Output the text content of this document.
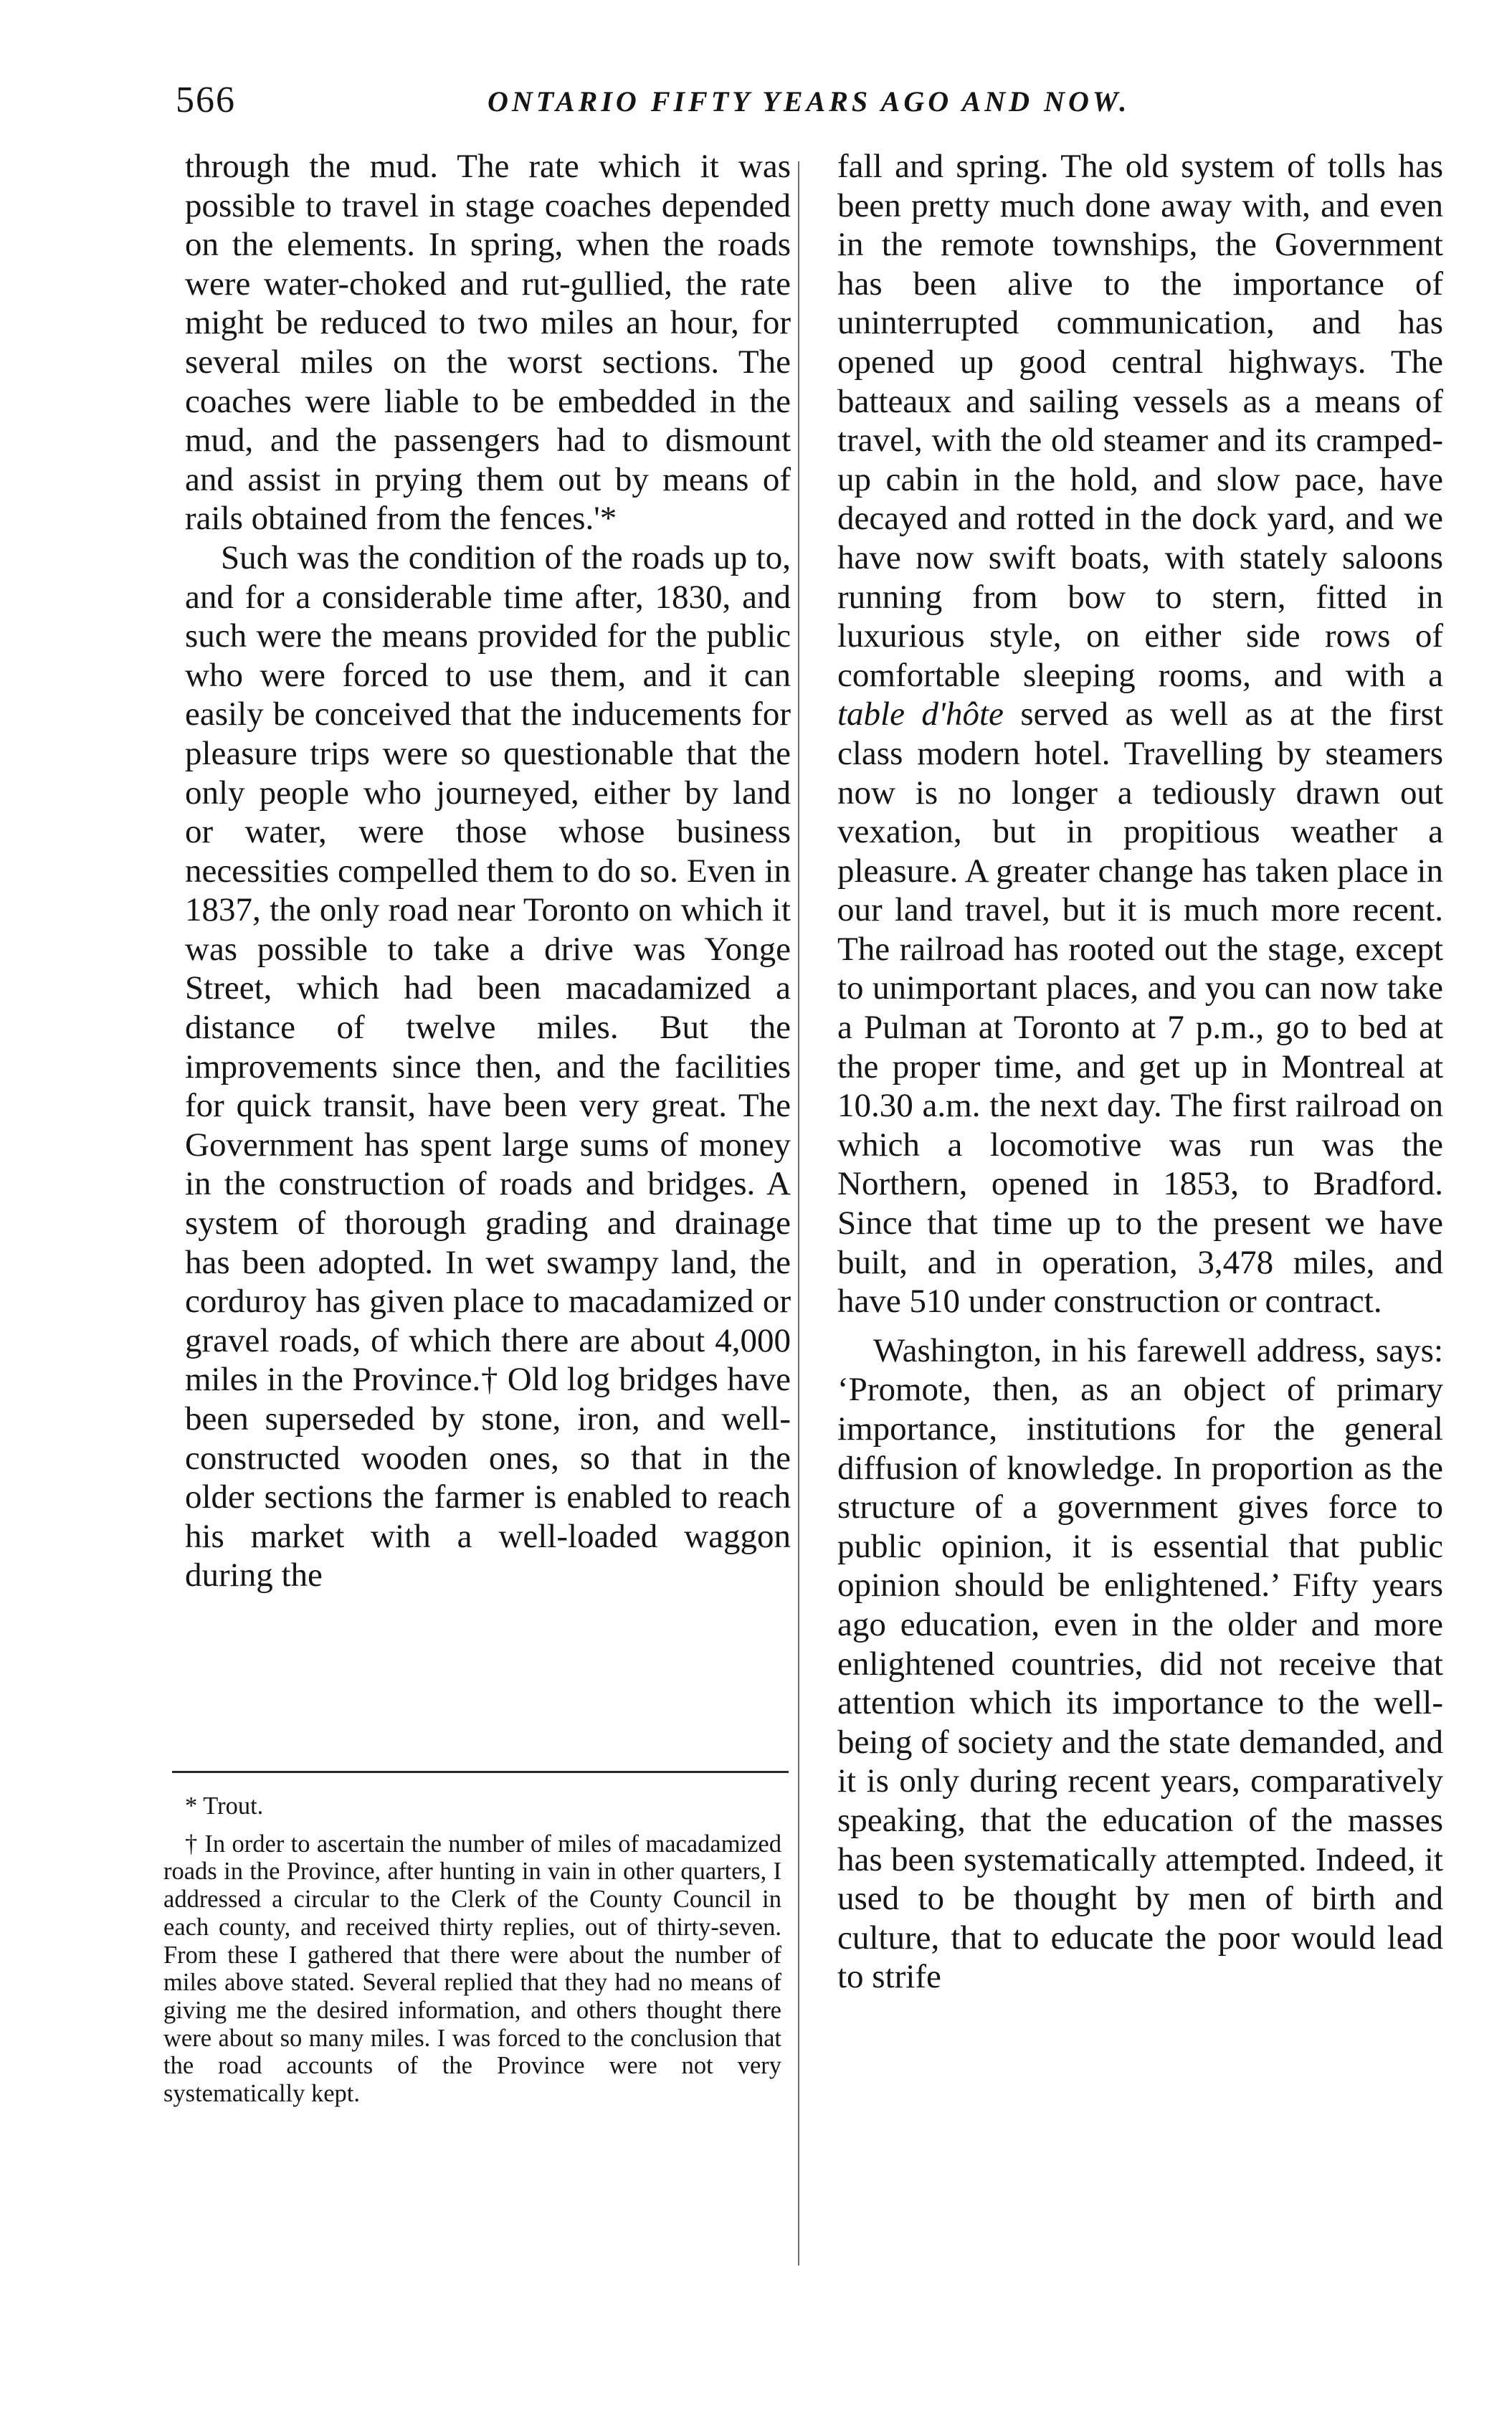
566	ONTARIO FIFTY YEARS AGO AND NOW.

through the mud. The rate which it was possible to travel in stage coaches depended on the elements. In spring, when the roads were water-choked and rut-gullied, the rate might be reduced to two miles an hour, for several miles on the worst sections. The coaches were liable to be embedded in the mud, and the passengers had to dismount and assist in prying them out by means of rails obtained from the fences.'*

Such was the condition of the roads up to, and for a considerable time after, 1830, and such were the means provided for the public who were forced to use them, and it can easily be conceived that the inducements for pleasure trips were so questionable that the only people who journeyed, either by land or water, were those whose business necessities compelled them to do so. Even in 1837, the only road near Toronto on which it was possible to take a drive was Yonge Street, which had been macadamized a distance of twelve miles. But the improvements since then, and the facilities for quick transit, have been very great. The Government has spent large sums of money in the construction of roads and bridges. A system of thorough grading and drainage has been adopted. In wet swampy land, the corduroy has given place to macadamized or gravel roads, of which there are about 4,000 miles in the Province.† Old log bridges have been superseded by stone, iron, and well-constructed wooden ones, so that in the older sections the farmer is enabled to reach his market with a well-loaded waggon during the

fall and spring. The old system of tolls has been pretty much done away with, and even in the remote townships, the Government has been alive to the importance of uninterrupted communication, and has opened up good central highways. The batteaux and sailing vessels as a means of travel, with the old steamer and its cramped-up cabin in the hold, and slow pace, have decayed and rotted in the dock yard, and we have now swift boats, with stately saloons running from bow to stern, fitted in luxurious style, on either side rows of comfortable sleeping rooms, and with a table d'hôte served as well as at the first class modern hotel. Travelling by steamers now is no longer a tediously drawn out vexation, but in propitious weather a pleasure. A greater change has taken place in our land travel, but it is much more recent. The railroad has rooted out the stage, except to unimportant places, and you can now take a Pulman at Toronto at 7 p.m., go to bed at the proper time, and get up in Montreal at 10.30 a.m. the next day. The first railroad on which a locomotive was run was the Northern, opened in 1853, to Bradford. Since that time up to the present we have built, and in operation, 3,478 miles, and have 510 under construction or contract.

Washington, in his farewell address, says: ‘Promote, then, as an object of primary importance, institutions for the general diffusion of knowledge. In proportion as the structure of a government gives force to public opinion, it is essential that public opinion should be enlightened.’ Fifty years ago education, even in the older and more enlightened countries, did not receive that attention which its importance to the well-being of society and the state demanded, and it is only during recent years, comparatively speaking, that the education of the masses has been systematically attempted. Indeed, it used to be thought by men of birth and culture, that to educate the poor would lead to strife

* Trout.

† In order to ascertain the number of miles of macadamized roads in the Province, after hunting in vain in other quarters, I addressed a circular to the Clerk of the County Council in each county, and received thirty replies, out of thirty-seven. From these I gathered that there were about the number of miles above stated. Several replied that they had no means of giving me the desired information, and others thought there were about so many miles. I was forced to the conclusion that the road accounts of the Province were not very systematically kept.
